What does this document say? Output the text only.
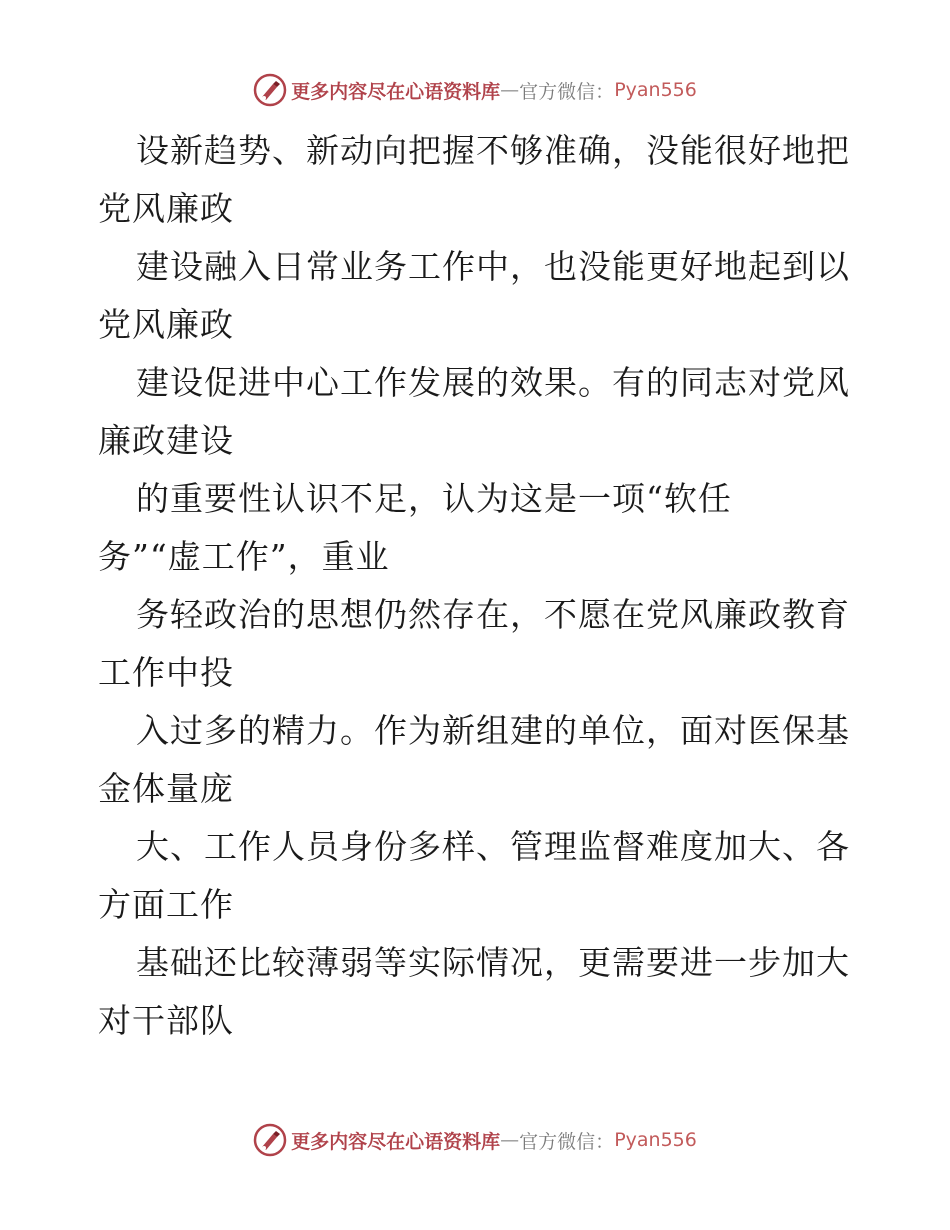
更多内容尽在心语资料库 — 官方微信： Pyan556
设新趋势、新动向把握不够准确，没能很好地把
党风廉政
建设融入日常业务工作中，也没能更好地起到以
党风廉政
建设促进中心工作发展的效果。有的同志对党风
廉政建设
的重要性认识不足，认为这是一项“软任
务”“虚工作”，重业
务轻政治的思想仍然存在，不愿在党风廉政教育
工作中投
入过多的精力。作为新组建的单位，面对医保基
金体量庞
大、工作人员身份多样、管理监督难度加大、各
方面工作
基础还比较薄弱等实际情况，更需要进一步加大
对干部队
更多内容尽在心语资料库 — 官方微信： Pyan556
